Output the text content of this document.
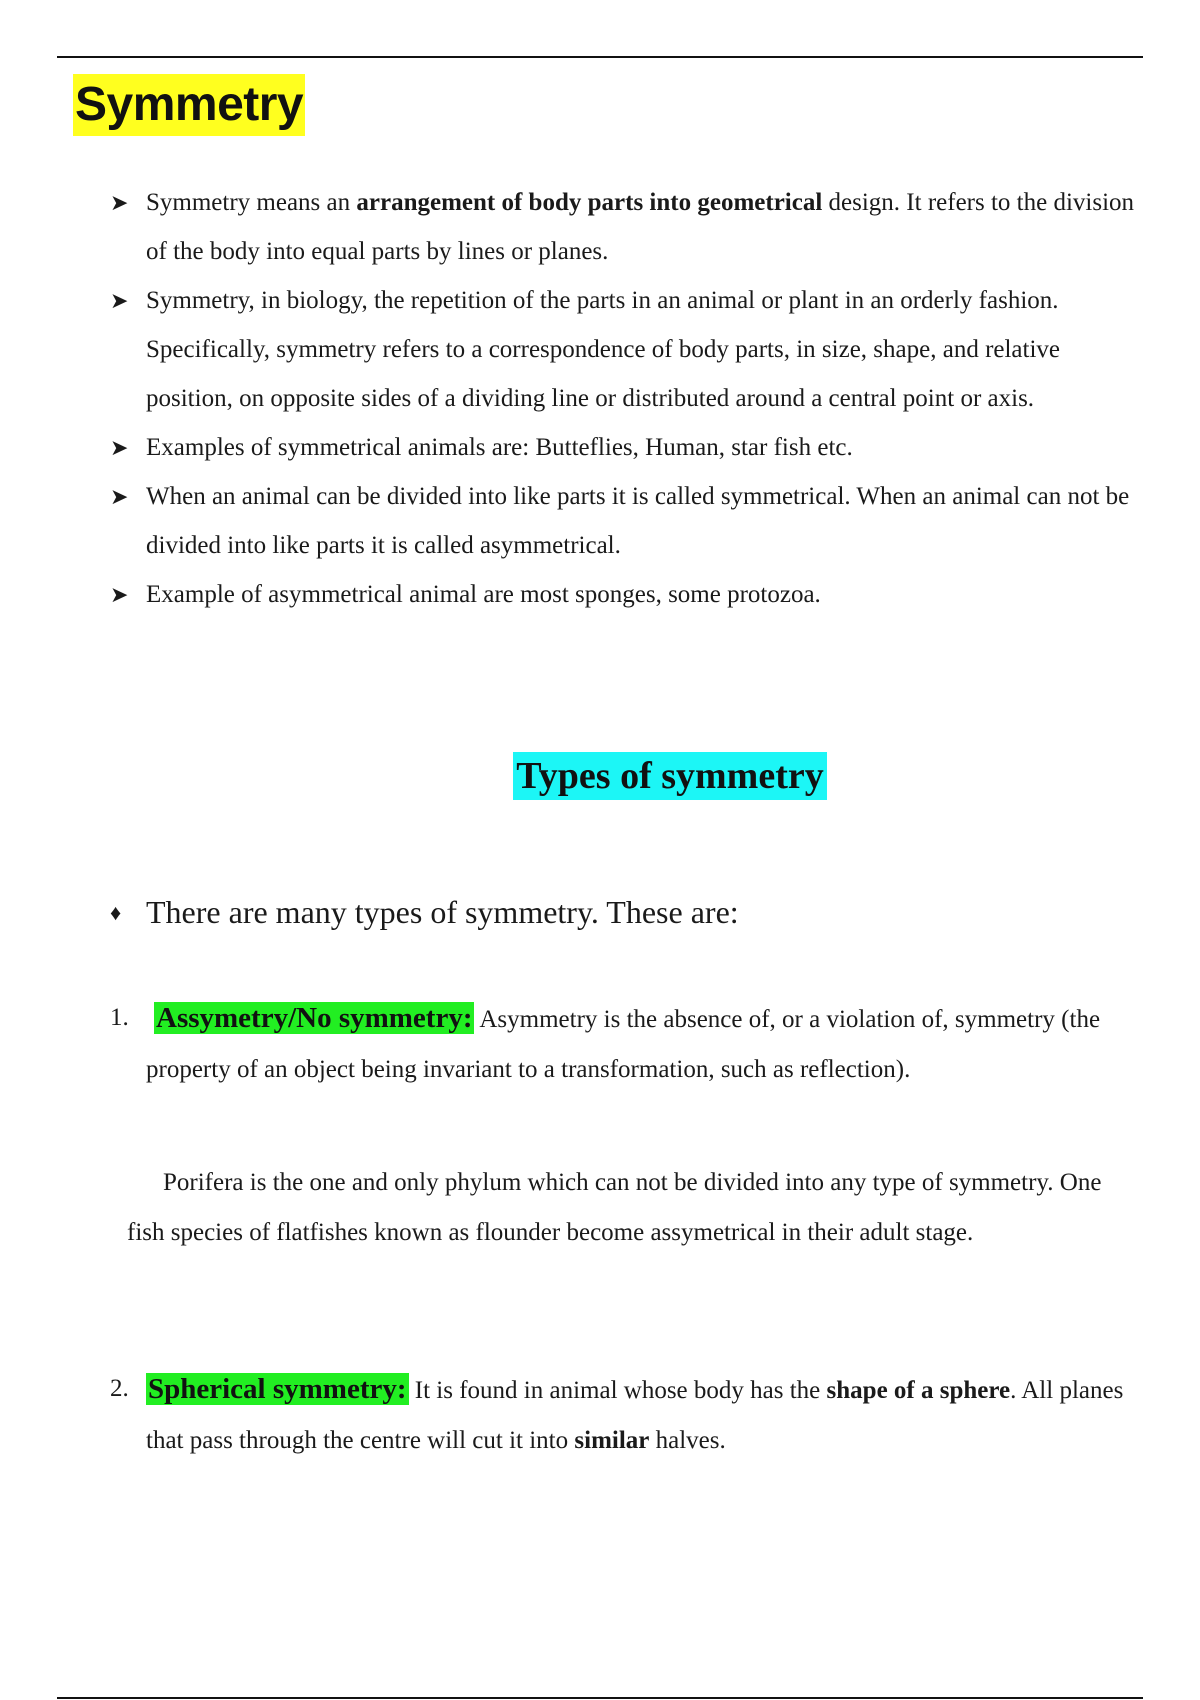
Symmetry
➤ Symmetry means an arrangement of body parts into geometrical design. It refers to the division of the body into equal parts by lines or planes.
➤ Symmetry, in biology, the repetition of the parts in an animal or plant in an orderly fashion. Specifically, symmetry refers to a correspondence of body parts, in size, shape, and relative position, on opposite sides of a dividing line or distributed around a central point or axis.
➤ Examples of symmetrical animals are: Butteflies, Human, star fish etc.
➤ When an animal can be divided into like parts it is called symmetrical. When an animal can not be divided into like parts it is called asymmetrical.
➤ Example of asymmetrical animal are most sponges, some protozoa.
Types of symmetry
♦ There are many types of symmetry. These are:
1. Assymetry/No symmetry: Asymmetry is the absence of, or a violation of, symmetry (the property of an object being invariant to a transformation, such as reflection).
Porifera is the one and only phylum which can not be divided into any type of symmetry. One fish species of flatfishes known as flounder become assymetrical in their adult stage.
2. Spherical symmetry: It is found in animal whose body has the shape of a sphere. All planes that pass through the centre will cut it into similar halves.
